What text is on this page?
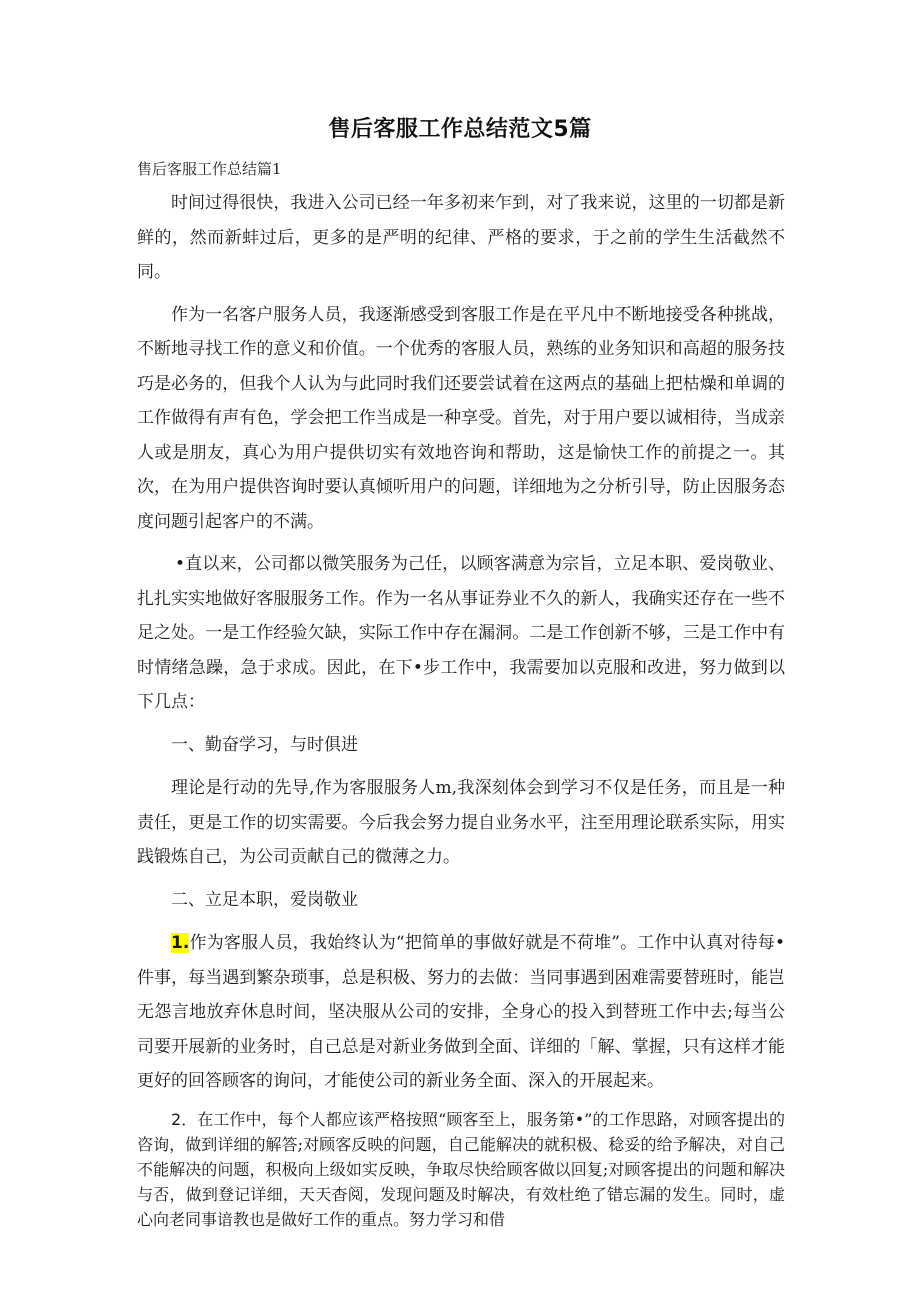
售后客服工作总结范文5篇
售后客服工作总结篇1

时间过得很快，我进入公司已经一年多初来乍到，对了我来说，这里的一切都是新鲜的，然而新蚌过后，更多的是严明的纪律、严格的要求，于之前的学生生活截然不同。

作为一名客户服务人员，我逐渐感受到客服工作是在平凡中不断地接受各种挑战，不断地寻找工作的意义和价值。一个优秀的客服人员，熟练的业务知识和高超的服务技巧是必务的，但我个人认为与此同时我们还要尝试着在这两点的基础上把枯燥和单调的工作做得有声有色，学会把工作当成是一种享受。首先，对于用户要以诚相待，当成亲人或是朋友，真心为用户提供切实有效地咨询和帮助，这是愉快工作的前提之一。其次，在为用户提供咨询时要认真倾听用户的问题，详细地为之分析引导，防止因服务态度问题引起客户的不满。

•直以来，公司都以微笑服务为己任，以顾客满意为宗旨，立足本职、爱岗敬业、扎扎实实地做好客服服务工作。作为一名从事证券业不久的新人，我确实还存在一些不足之处。一是工作经验欠缺，实际工作中存在漏洞。二是工作创新不够，三是工作中有时情绪急躁，急于求成。因此，在下•步工作中，我需要加以克服和改进，努力做到以下几点：

一、勤奋学习，与时俱进

理论是行动的先导,作为客服服务人m,我深刻体会到学习不仅是任务，而且是一种责任，更是工作的切实需要。今后我会努力提自业务水平，注至用理论联系实际，用实践锻炼自己，为公司贡献自己的微薄之力。

二、立足本职，爱岗敬业

1.作为客服人员，我始终认为“把简单的事做好就是不荷堆”。工作中认真对待每•件事，每当遇到繁杂琐事，总是积极、努力的去做：当同事遇到困难需要替班时，能岂无怨言地放弃休息时间，坚决服从公司的安排，全身心的投入到替班工作中去;每当公司要开展新的业务时，自己总是对新业务做到全面、详细的「解、掌握，只有这样才能更好的回答顾客的询问，才能使公司的新业务全面、深入的开展起来。

2．在工作中，每个人都应该严格按照“顾客至上，服务第•”的工作思路，对顾客提出的咨询，做到详细的解答;对顾客反映的问题，自己能解决的就积极、稔妥的给予解决，对自己不能解决的问题，积极向上级如实反映，争取尽快给顾客做以回复;对顾客提出的问题和解决与否，做到登记详细，天天杳阅，发现问题及时解决，有效杜绝了错忘漏的发生。同时，虚心向老同事谙教也是做好工作的重点。努力学习和借
